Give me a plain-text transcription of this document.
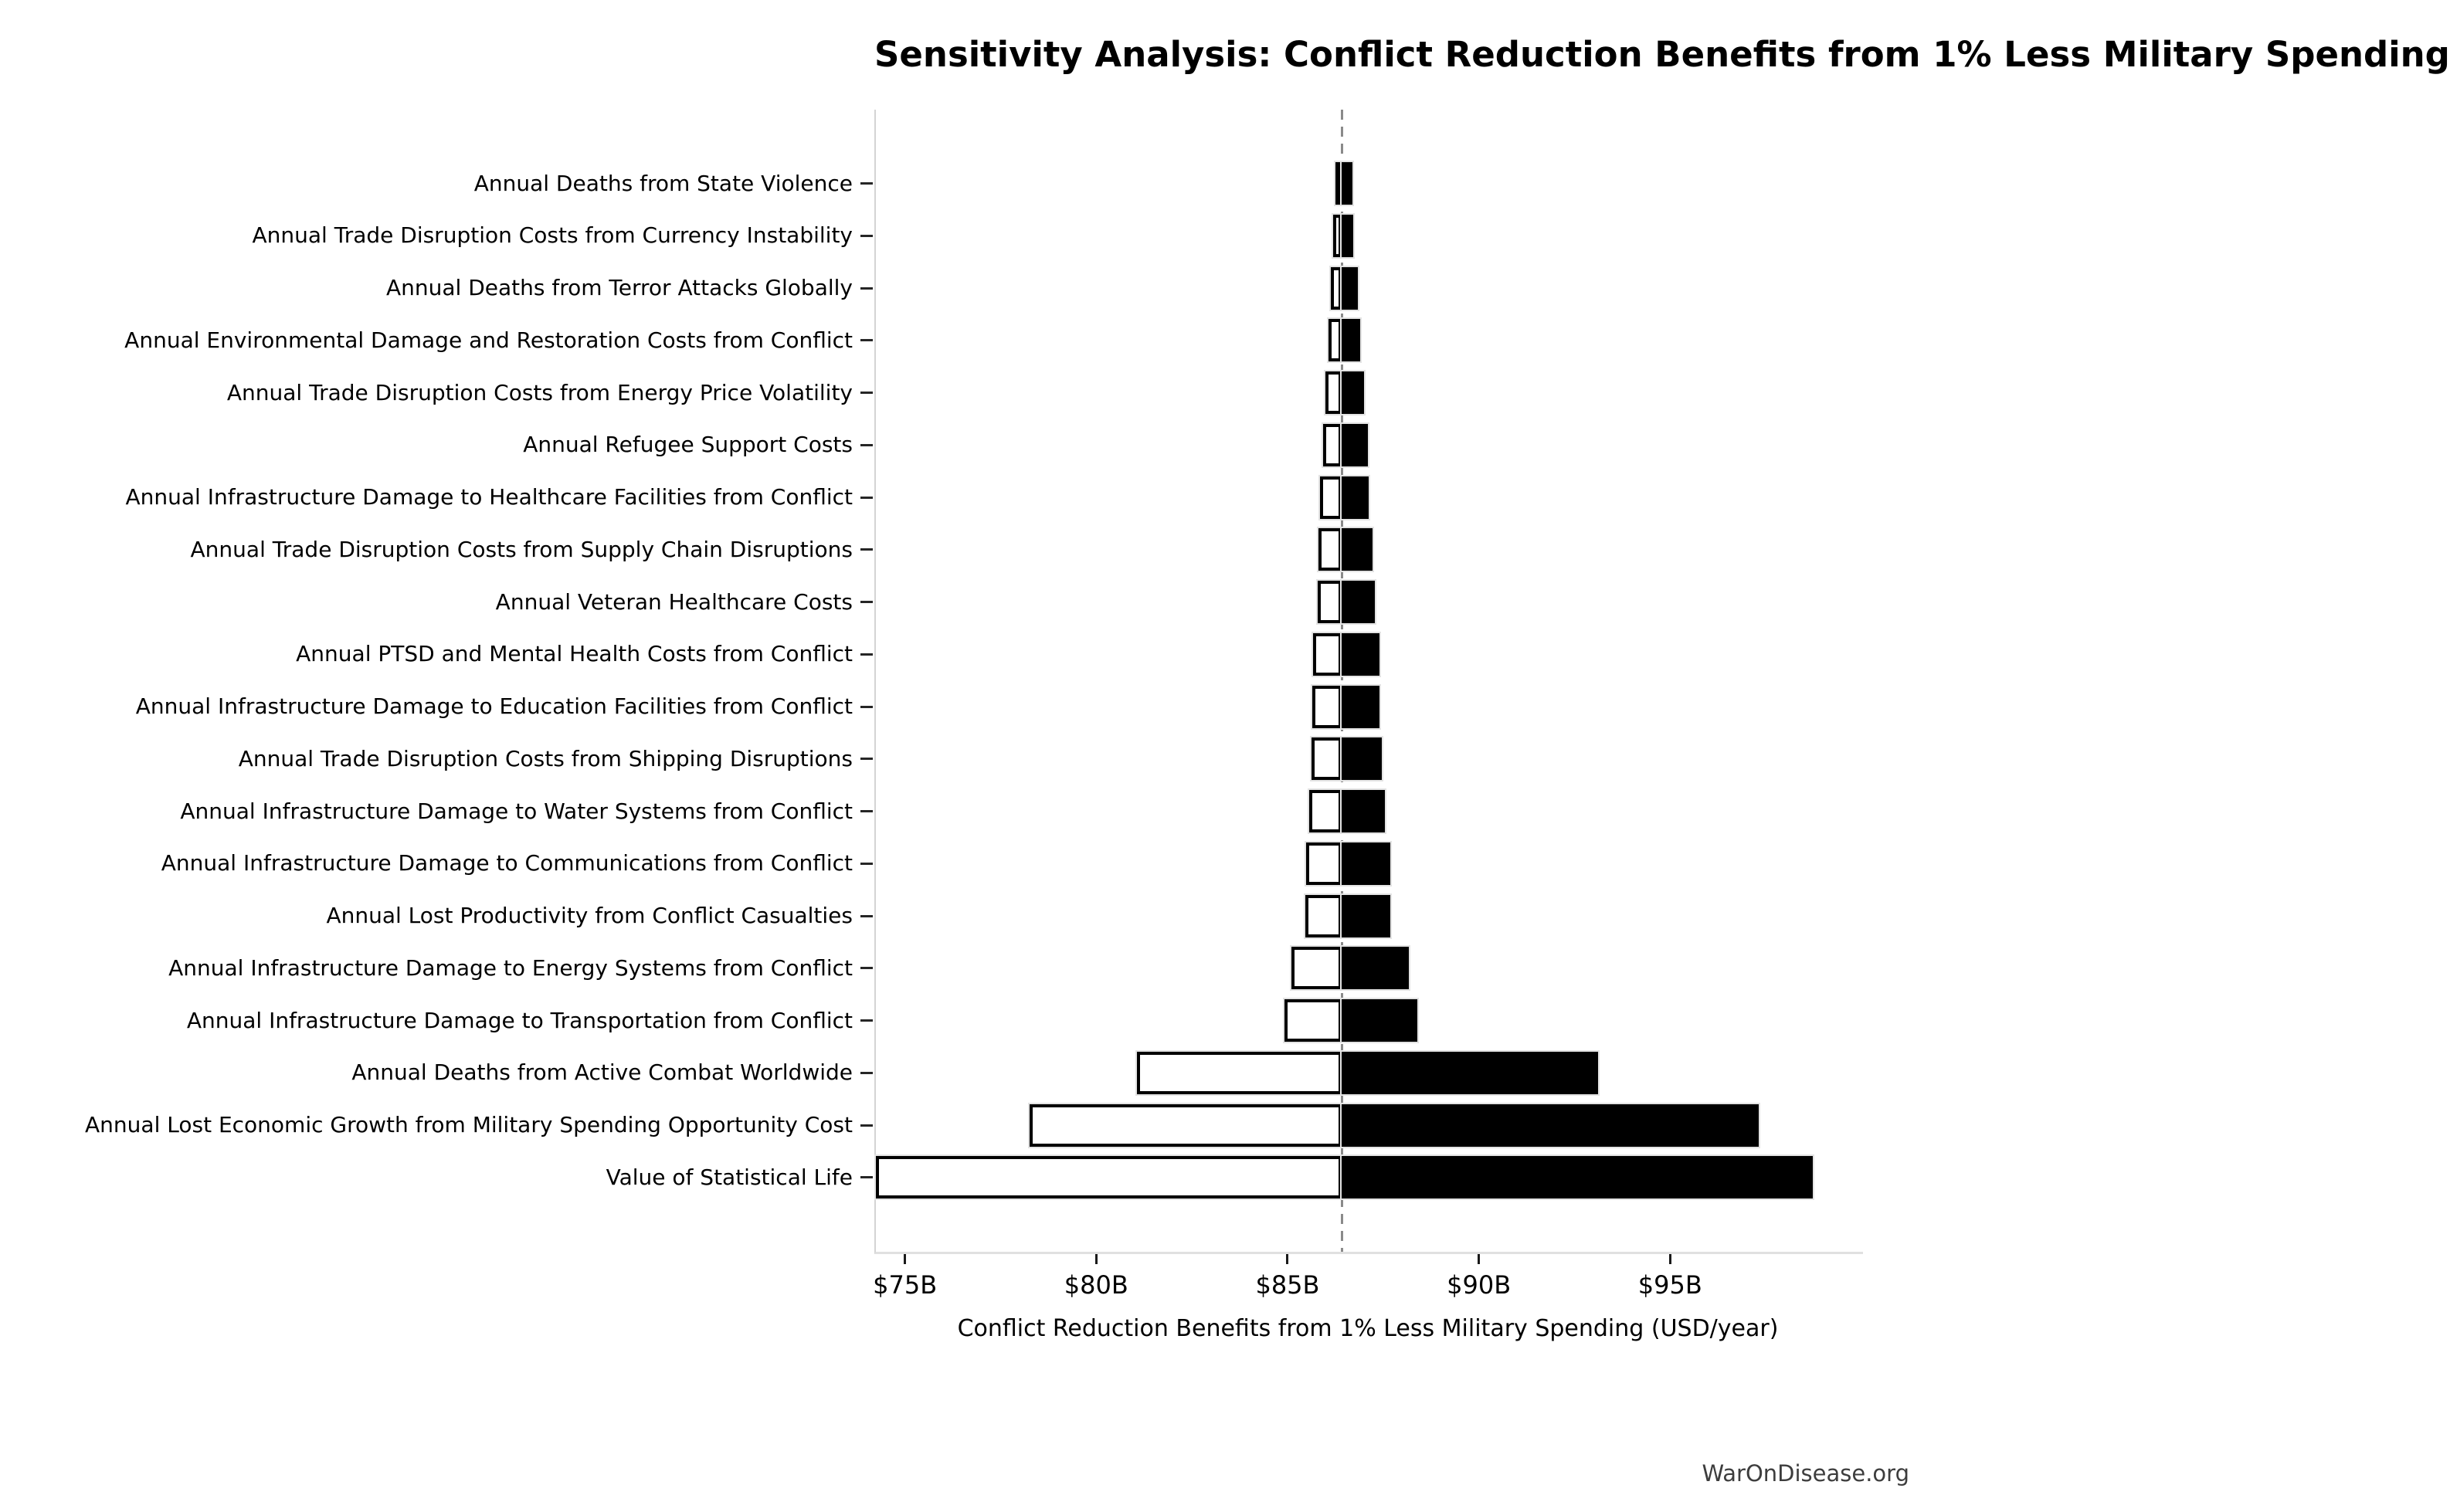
Sensitivity Analysis: Conflict Reduction Benefits from 1% Less Military Spending
Annual Deaths from State Violence
Annual Trade Disruption Costs from Currency Instability
Annual Deaths from Terror Attacks Globally
Annual Environmental Damage and Restoration Costs from Conflict
Annual Trade Disruption Costs from Energy Price Volatility
Annual Refugee Support Costs
Annual Infrastructure Damage to Healthcare Facilities from Conflict
Annual Trade Disruption Costs from Supply Chain Disruptions
Annual Veteran Healthcare Costs
Annual PTSD and Mental Health Costs from Conflict
Annual Infrastructure Damage to Education Facilities from Conflict
Annual Trade Disruption Costs from Shipping Disruptions
Annual Infrastructure Damage to Water Systems from Conflict
Annual Infrastructure Damage to Communications from Conflict
Annual Lost Productivity from Conflict Casualties
Annual Infrastructure Damage to Energy Systems from Conflict
Annual Infrastructure Damage to Transportation from Conflict
Annual Deaths from Active Combat Worldwide
Annual Lost Economic Growth from Military Spending Opportunity Cost
Value of Statistical Life
$75B	$80B	$85B	$90B	$95B
Conflict Reduction Benefits from 1% Less Military Spending (USD/year)
WarOnDisease.org
